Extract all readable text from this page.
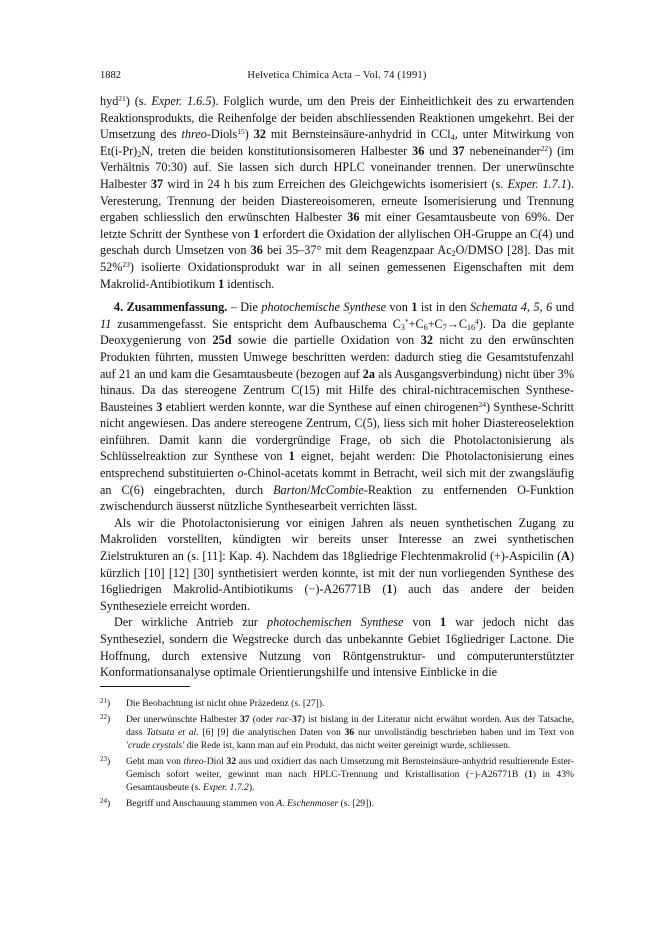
1882	Helvetica Chimica Acta – Vol. 74 (1991)

hyd$^{21}$) (s. Exper. 1.6.5). Folglich wurde, um den Preis der Einheitlichkeit des zu erwartenden Reaktionsprodukts, die Reihenfolge der beiden abschliessenden Reaktionen umgekehrt. Bei der Umsetzung des threo-Diols$^{15}$) 32 mit Bernsteinsäure-anhydrid in CCl$_4$, unter Mitwirkung von $Et(i-Pr)_2N$, treten die beiden konstitutionsisomeren Halbester 36 und 37 nebeneinander$^{22}$) (im Verhältnis 70:30) auf. Sie lassen sich durch HPLC voneinander trennen. Der unerwünschte Halbester 37 wird in 24 h bis zum Erreichen des Gleichgewichts isomerisiert (s. Exper. 1.7.1). Veresterung, Trennung der beiden Diastereoisomeren, erneute Isomerisierung und Trennung ergaben schliesslich den erwünschten Halbester 36 mit einer Gesamtausbeute von 69%. Der letzte Schritt der Synthese von 1 erfordert die Oxidation der allylischen OH-Gruppe an C(4) und geschah durch Umsetzen von 36 bei 35–37° mit dem Reagenzpaar $Ac_2O$/DMSO [28]. Das mit 52%$^{23}$) isolierte Oxidationsprodukt war in all seinen gemessenen Eigenschaften mit dem Makrolid-Antibiotikum 1 identisch.

4. Zusammenfassung. – Die photochemische Synthese von 1 ist in den Schemata 4, 5, 6 und 11 zusammengefasst. Sie entspricht dem Aufbauschema $C_3^*+C_6+C_7\to C_{16}^4$). Da die geplante Deoxygenierung von 25d sowie die partielle Oxidation von 32 nicht zu den erwünschten Produkten führten, mussten Umwege beschritten werden: dadurch stieg die Gesamtstufenzahl auf 21 an und kam die Gesamtausbeute (bezogen auf 2a als Ausgangsverbindung) nicht über 3% hinaus. Da das stereogene Zentrum C(15) mit Hilfe des chiral-nichtracemischen Synthese-Bausteines 3 etabliert werden konnte, war die Synthese auf einen chirogenen$^{24}$) Synthese-Schritt nicht angewiesen. Das andere stereogene Zentrum, C(5), liess sich mit hoher Diastereoselektion einführen. Damit kann die vordergründige Frage, ob sich die Photolactonisierung als Schlüsselreaktion zur Synthese von 1 eignet, bejaht werden: Die Photolactonisierung eines entsprechend substituierten o-Chinol-acetats kommt in Betracht, weil sich mit der zwangsläufig an C(6) eingebrachten, durch Barton/McCombie-Reaktion zu entfernenden O-Funktion zwischendurch äusserst nützliche Synthesearbeit verrichten lässt.

Als wir die Photolactonisierung vor einigen Jahren als neuen synthetischen Zugang zu Makroliden vorstellten, kündigten wir bereits unser Interesse an zwei synthetischen Zielstrukturen an (s. [11]: Kap. 4). Nachdem das 18gliedrige Flechtenmakrolid (+)-Aspicilin (A) kürzlich [10] [12] [30] synthetisiert werden konnte, ist mit der nun vorliegenden Synthese des 16gliedrigen Makrolid-Antibiotikums (−)-A26771B (1) auch das andere der beiden Syntheseziele erreicht worden.

Der wirkliche Antrieb zur photochemischen Synthese von 1 war jedoch nicht das Syntheseziel, sondern die Wegstrecke durch das unbekannte Gebiet 16gliedriger Lactone. Die Hoffnung, durch extensive Nutzung von Röntgenstruktur- und computerunterstützter Konformationsanalyse optimale Orientierungshilfe und intensive Einblicke in die

$^{21}$) Die Beobachtung ist nicht ohne Präzedenz (s. [27]).
$^{22}$) Der unerwünschte Halbester 37 (oder rac-37) ist bislang in der Literatur nicht erwähnt worden. Aus der Tatsache, dass Tatsuta et al. [6] [9] die analytischen Daten von 36 nur unvollständig beschrieben haben und im Text von 'crude crystals' die Rede ist, kann man auf ein Produkt, das nicht weiter gereinigt wurde, schliessen.
$^{23}$) Geht man von threo-Diol 32 aus und oxidiert das nach Umsetzung mit Bernsteinsäure-anhydrid resultierende Ester-Gemisch sofort weiter, gewinnt man nach HPLC-Trennung und Kristallisation (−)-A26771B (1) in 43% Gesamtausbeute (s. Exper. 1.7.2).
$^{24}$) Begriff und Anschauung stammen von A. Eschenmoser (s. [29]).
